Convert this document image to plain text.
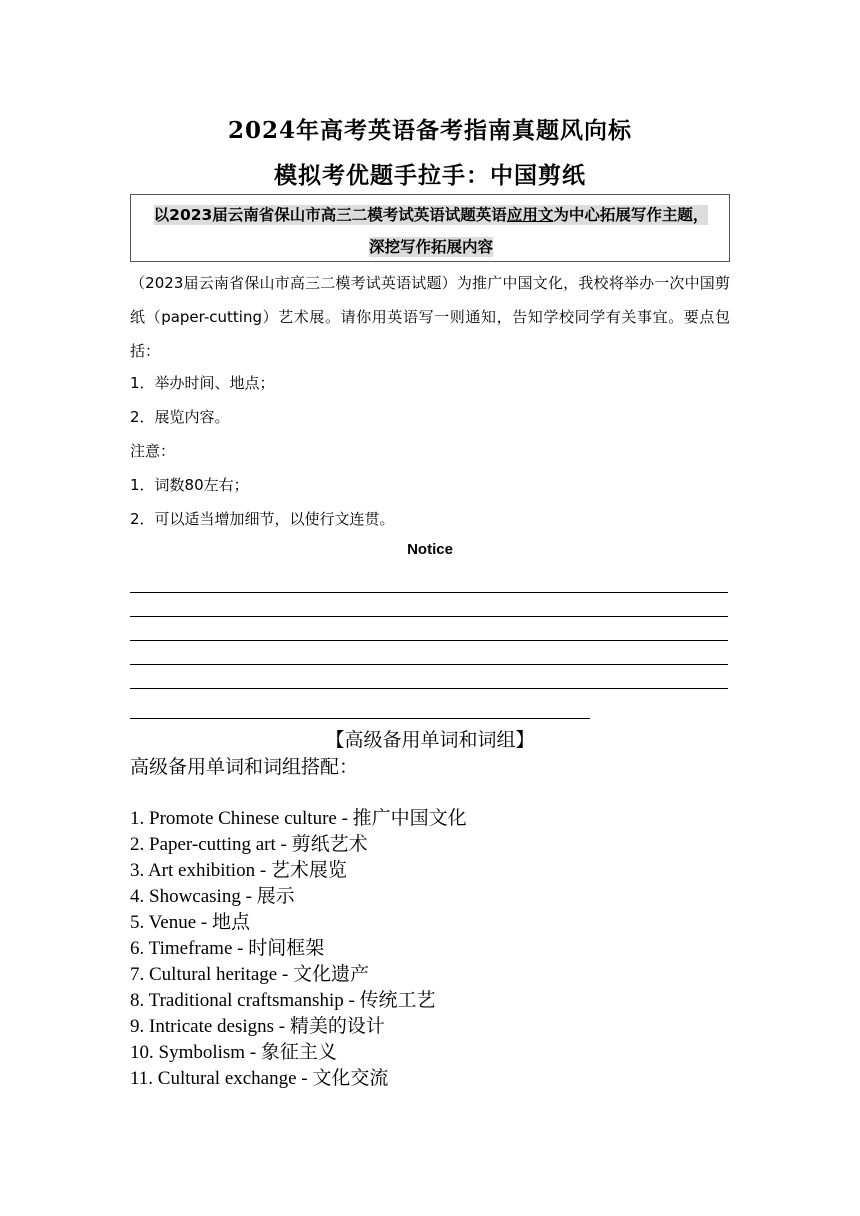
2024年高考英语备考指南真题风向标
模拟考优题手拉手：中国剪纸
以2023届云南省保山市高三二模考试英语试题英语应用文为中心拓展写作主题，
深挖写作拓展内容
（2023届云南省保山市高三二模考试英语试题）为推广中国文化，我校将举办一次中国剪纸（paper-cutting）艺术展。请你用英语写一则通知，告知学校同学有关事宜。要点包括：
1．举办时间、地点；
2．展览内容。
注意：
1．词数80左右；
2．可以适当增加细节，以使行文连贯。
Notice
【高级备用单词和词组】
高级备用单词和词组搭配：
1. Promote Chinese culture - 推广中国文化
2. Paper-cutting art - 剪纸艺术
3. Art exhibition - 艺术展览
4. Showcasing - 展示
5. Venue - 地点
6. Timeframe - 时间框架
7. Cultural heritage - 文化遗产
8. Traditional craftsmanship - 传统工艺
9. Intricate designs - 精美的设计
10. Symbolism - 象征主义
11. Cultural exchange - 文化交流
